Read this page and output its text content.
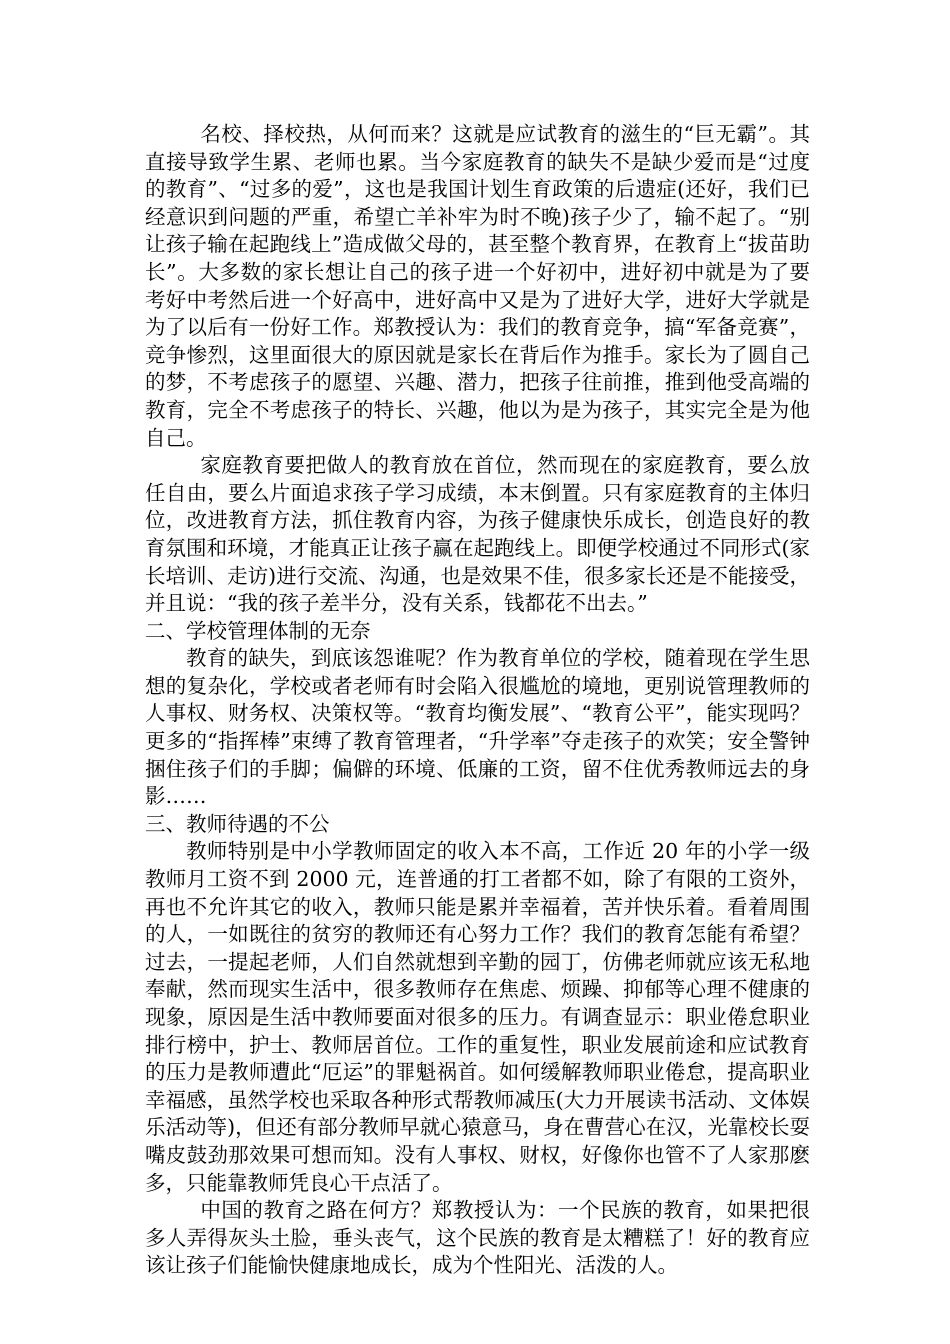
名校、择校热，从何而来？这就是应试教育的滋生的“巨无霸”。其直接导致学生累、老师也累。当今家庭教育的缺失不是缺少爱而是“过度的教育”、“过多的爱”，这也是我国计划生育政策的后遗症(还好，我们已经意识到问题的严重，希望亡羊补牢为时不晚)孩子少了，输不起了。“别让孩子输在起跑线上”造成做父母的，甚至整个教育界，在教育上“拔苗助长”。大多数的家长想让自己的孩子进一个好初中，进好初中就是为了要考好中考然后进一个好高中，进好高中又是为了进好大学，进好大学就是为了以后有一份好工作。郑教授认为：我们的教育竞争，搞“军备竞赛”，竞争惨烈，这里面很大的原因就是家长在背后作为推手。家长为了圆自己的梦，不考虑孩子的愿望、兴趣、潜力，把孩子往前推，推到他受高端的教育，完全不考虑孩子的特长、兴趣，他以为是为孩子，其实完全是为他自己。

家庭教育要把做人的教育放在首位，然而现在的家庭教育，要么放任自由，要么片面追求孩子学习成绩，本末倒置。只有家庭教育的主体归位，改进教育方法，抓住教育内容，为孩子健康快乐成长，创造良好的教育氛围和环境，才能真正让孩子赢在起跑线上。即便学校通过不同形式(家长培训、走访)进行交流、沟通，也是效果不佳，很多家长还是不能接受，并且说：“我的孩子差半分，没有关系，钱都花不出去。”

二、学校管理体制的无奈

教育的缺失，到底该怨谁呢？作为教育单位的学校，随着现在学生思想的复杂化，学校或者老师有时会陷入很尴尬的境地，更别说管理教师的人事权、财务权、决策权等。“教育均衡发展”、“教育公平”，能实现吗？更多的“指挥棒”束缚了教育管理者，“升学率”夺走孩子的欢笑；安全警钟捆住孩子们的手脚；偏僻的环境、低廉的工资，留不住优秀教师远去的身影……

三、教师待遇的不公

教师特别是中小学教师固定的收入本不高，工作近 20 年的小学一级教师月工资不到 2000 元，连普通的打工者都不如，除了有限的工资外，再也不允许其它的收入，教师只能是累并幸福着，苦并快乐着。看着周围的人，一如既往的贫穷的教师还有心努力工作？我们的教育怎能有希望？过去，一提起老师，人们自然就想到辛勤的园丁，仿佛老师就应该无私地奉献，然而现实生活中，很多教师存在焦虑、烦躁、抑郁等心理不健康的现象，原因是生活中教师要面对很多的压力。有调查显示：职业倦怠职业排行榜中，护士、教师居首位。工作的重复性，职业发展前途和应试教育的压力是教师遭此“厄运”的罪魁祸首。如何缓解教师职业倦怠，提高职业幸福感，虽然学校也采取各种形式帮教师减压(大力开展读书活动、文体娱乐活动等)，但还有部分教师早就心猿意马，身在曹营心在汉，光靠校长耍嘴皮鼓劲那效果可想而知。没有人事权、财权，好像你也管不了人家那麽多，只能靠教师凭良心干点活了。

中国的教育之路在何方？郑教授认为：一个民族的教育，如果把很多人弄得灰头土脸，垂头丧气，这个民族的教育是太糟糕了！好的教育应该让孩子们能愉快健康地成长，成为个性阳光、活泼的人。
